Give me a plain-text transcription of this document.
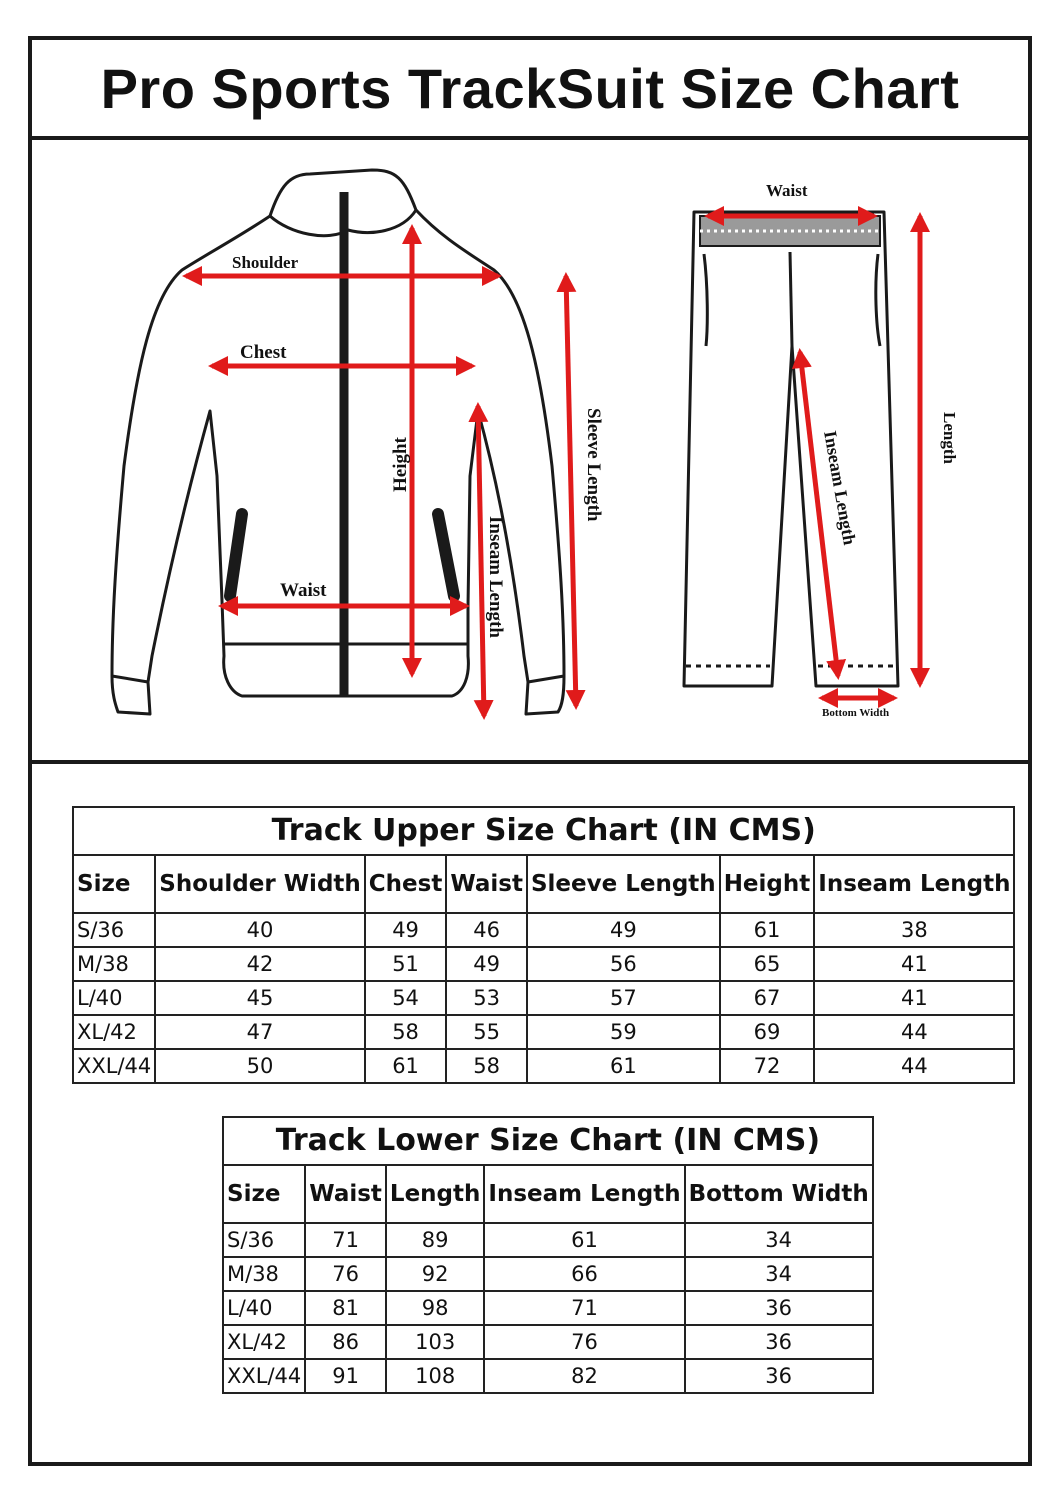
Pro Sports TrackSuit Size Chart
Shoulder
Chest
Waist
Height	Sleeve Length
Inseam Length
Waist
Length
Inseam Length
Bottom Width
Track Upper Size Chart (IN CMS)
Size	Shoulder Width	Chest	Waist	Sleeve Length	Height	Inseam Length
S/36	40	49	46	49	61	38
M/38	42	51	49	56	65	41
L/40	45	54	53	57	67	41
XL/42	47	58	55	59	69	44
XXL/44	50	61	58	61	72	44
Track Lower Size Chart (IN CMS)
Size	Waist	Length	Inseam Length	Bottom Width
S/36	71	89	61	34
M/38	76	92	66	34
L/40	81	98	71	36
XL/42	86	103	76	36
XXL/44	91	108	82	36
